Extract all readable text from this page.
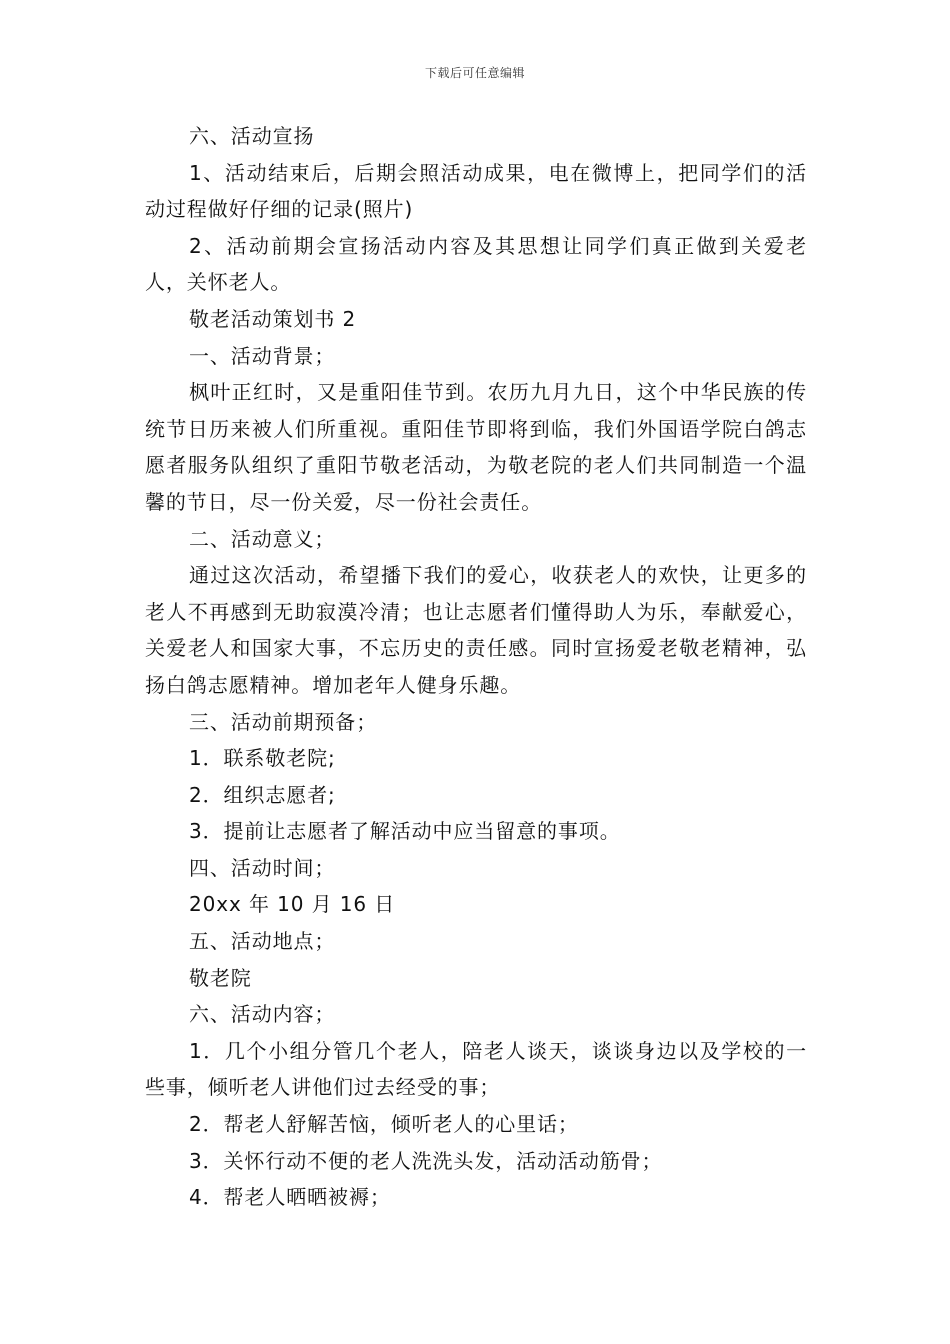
下载后可任意编辑

六、活动宣扬

1、活动结束后，后期会照活动成果，电在微博上，把同学们的活动过程做好仔细的记录(照片)

2、活动前期会宣扬活动内容及其思想让同学们真正做到关爱老人，关怀老人。

敬老活动策划书 2

一、活动背景；

枫叶正红时，又是重阳佳节到。农历九月九日，这个中华民族的传统节日历来被人们所重视。重阳佳节即将到临，我们外国语学院白鸽志愿者服务队组织了重阳节敬老活动，为敬老院的老人们共同制造一个温馨的节日，尽一份关爱，尽一份社会责任。

二、活动意义；

通过这次活动，希望播下我们的爱心，收获老人的欢快，让更多的老人不再感到无助寂漠冷清；也让志愿者们懂得助人为乐，奉献爱心，关爱老人和国家大事，不忘历史的责任感。同时宣扬爱老敬老精神，弘扬白鸽志愿精神。增加老年人健身乐趣。

三、活动前期预备；

1．联系敬老院;

2．组织志愿者;

3．提前让志愿者了解活动中应当留意的事项。

四、活动时间；

20xx 年 10 月 16 日

五、活动地点；

敬老院

六、活动内容；

1．几个小组分管几个老人，陪老人谈天，谈谈身边以及学校的一些事，倾听老人讲他们过去经受的事；

2．帮老人舒解苦恼，倾听老人的心里话；

3．关怀行动不便的老人洗洗头发，活动活动筋骨；

4．帮老人晒晒被褥；
